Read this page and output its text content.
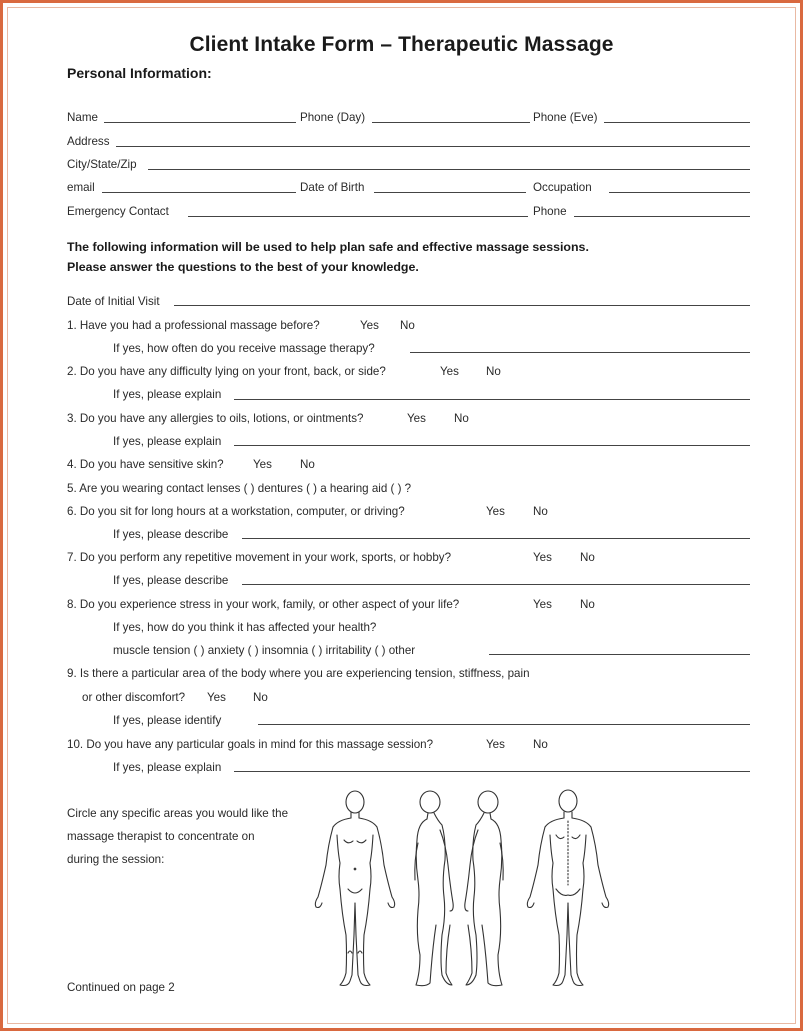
Client Intake Form – Therapeutic Massage
Personal Information:
Name	Phone (Day)	Phone (Eve)
Address
City/State/Zip
email	Date of Birth	Occupation
Emergency Contact	Phone
The following information will be used to help plan safe and effective massage sessions.
Please answer the questions to the best of your knowledge.
Date of Initial Visit
1. Have you had a professional massage before?	Yes No
If yes, how often do you receive massage therapy?
2. Do you have any difficulty lying on your front, back, or side?	Yes No
If yes, please explain
3. Do you have any allergies to oils, lotions, or ointments?	Yes No
If yes, please explain
4. Do you have sensitive skin?	Yes No
5. Are you wearing contact lenses ( ) dentures ( ) a hearing aid ( ) ?
6. Do you sit for long hours at a workstation, computer, or driving?	Yes No
If yes, please describe
7. Do you perform any repetitive movement in your work, sports, or hobby?	Yes No
If yes, please describe
8. Do you experience stress in your work, family, or other aspect of your life?	Yes No
If yes, how do you think it has affected your health?
muscle tension ( ) anxiety ( ) insomnia ( ) irritability ( ) other
9. Is there a particular area of the body where you are experiencing tension, stiffness, pain
or other discomfort? Yes No
If yes, please identify
10. Do you have any particular goals in mind for this massage session?	Yes No
If yes, please explain
Circle any specific areas you would like the
massage therapist to concentrate on
during the session:
Continued on page 2
